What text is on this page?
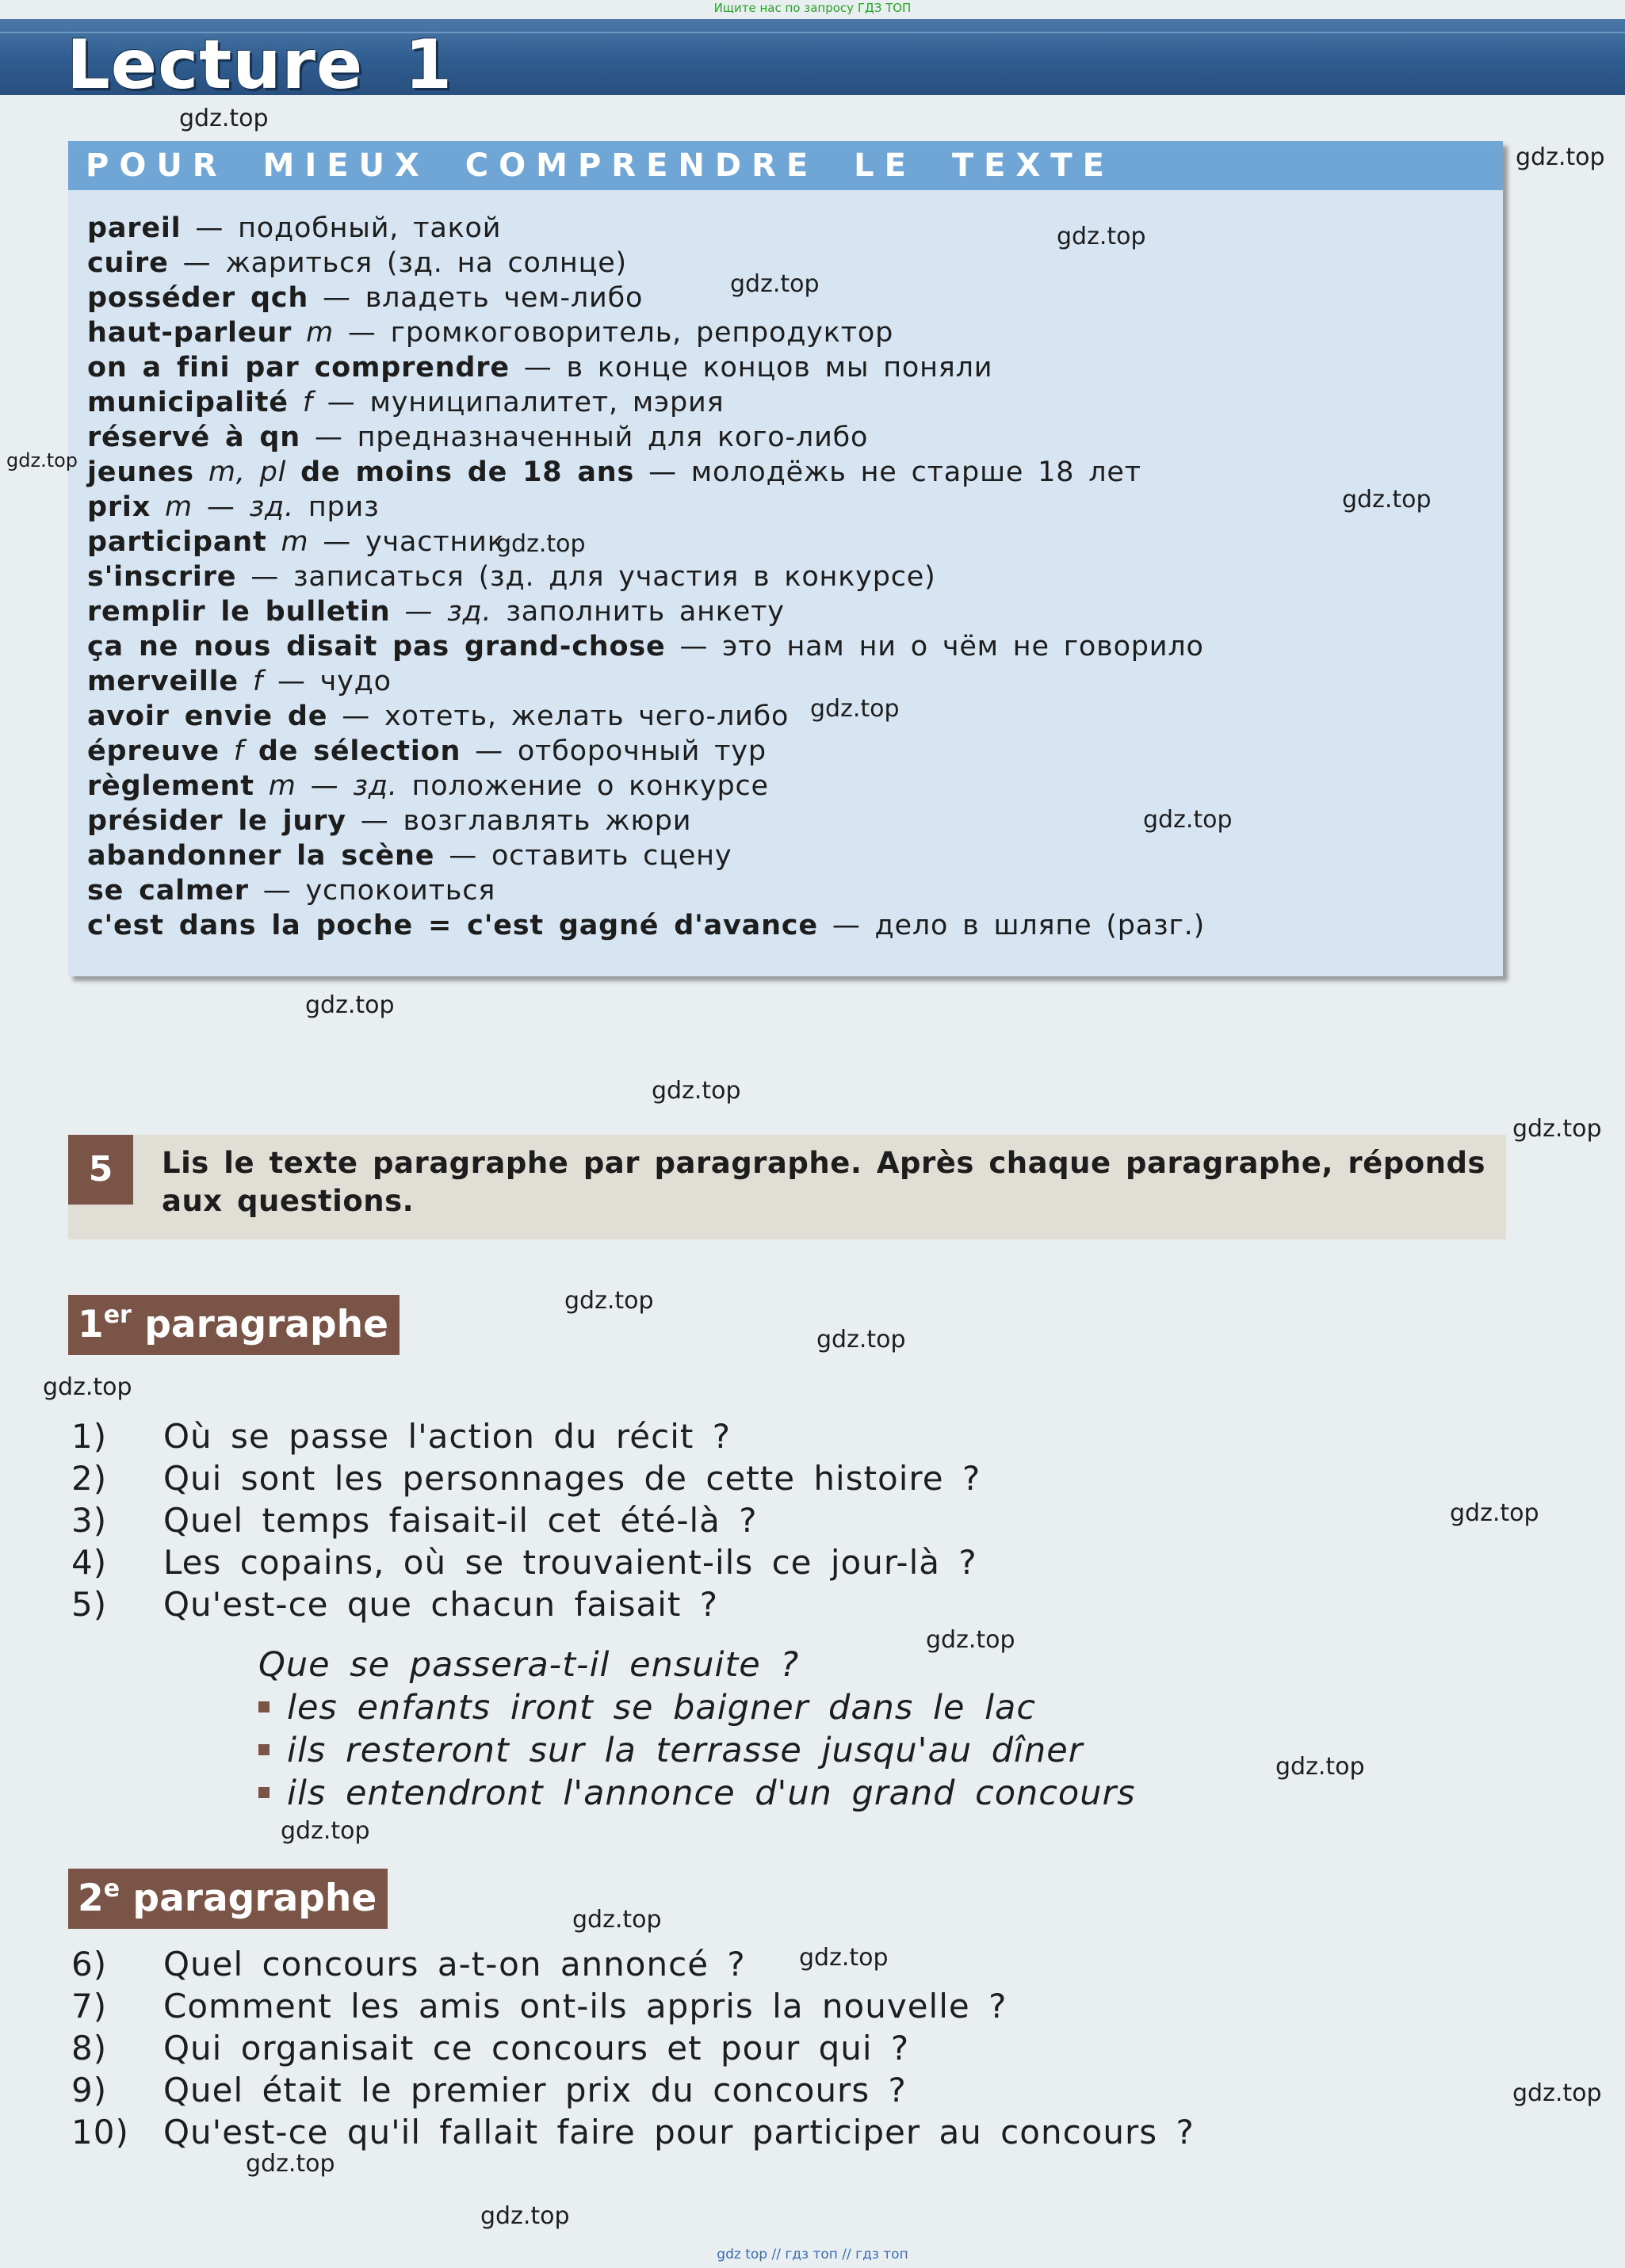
Ищите нас по запросу ГДЗ ТОП
Lecture 1
POUR MIEUX COMPRENDRE LE TEXTE
pareil — подобный, такой
cuire — жариться (зд. на солнце)
posséder qch — владеть чем-либо
haut-parleur m — громкоговоритель, репродуктор
on a fini par comprendre — в конце концов мы поняли
municipalité f — муниципалитет, мэрия
réservé à qn — предназначенный для кого-либо
jeunes m, pl de moins de 18 ans — молодёжь не старше 18 лет
prix m — зд. приз
participant m — участник
s'inscrire — записаться (зд. для участия в конкурсе)
remplir le bulletin — зд. заполнить анкету
ça ne nous disait pas grand-chose — это нам ни о чём не говорило
merveille f — чудо
avoir envie de — хотеть, желать чего-либо
épreuve f de sélection — отборочный тур
règlement m — зд. положение о конкурсе
présider le jury — возглавлять жюри
abandonner la scène — оставить сцену
se calmer — успокоиться
c'est dans la poche = c'est gagné d'avance — дело в шляпе (разг.)
5	Lis le texte paragraphe par paragraphe. Après chaque paragraphe, réponds aux questions.
1er paragraphe
1) Où se passe l'action du récit ?
2) Qui sont les personnages de cette histoire ?
3) Quel temps faisait-il cet été-là ?
4) Les copains, où se trouvaient-ils ce jour-là ?
5) Qu'est-ce que chacun faisait ?
Que se passera-t-il ensuite ?
les enfants iront se baigner dans le lac
ils resteront sur la terrasse jusqu'au dîner
ils entendront l'annonce d'un grand concours
2e paragraphe
6) Quel concours a-t-on annoncé ?
7) Comment les amis ont-ils appris la nouvelle ?
8) Qui organisait ce concours et pour qui ?
9) Quel était le premier prix du concours ?
10) Qu'est-ce qu'il fallait faire pour participer au concours ?
gdz.top
gdz.top
gdz.top
gdz.top
gdz.top
gdz.top
gdz.top
gdz.top
gdz.top
gdz.top
gdz.top
gdz.top
gdz.top
gdz.top
gdz.top
gdz.top
gdz.top
gdz.top
gdz.top
gdz.top
gdz.top
gdz.top
gdz.top
gdz.top
gdz top // гдз топ // гдз топ
